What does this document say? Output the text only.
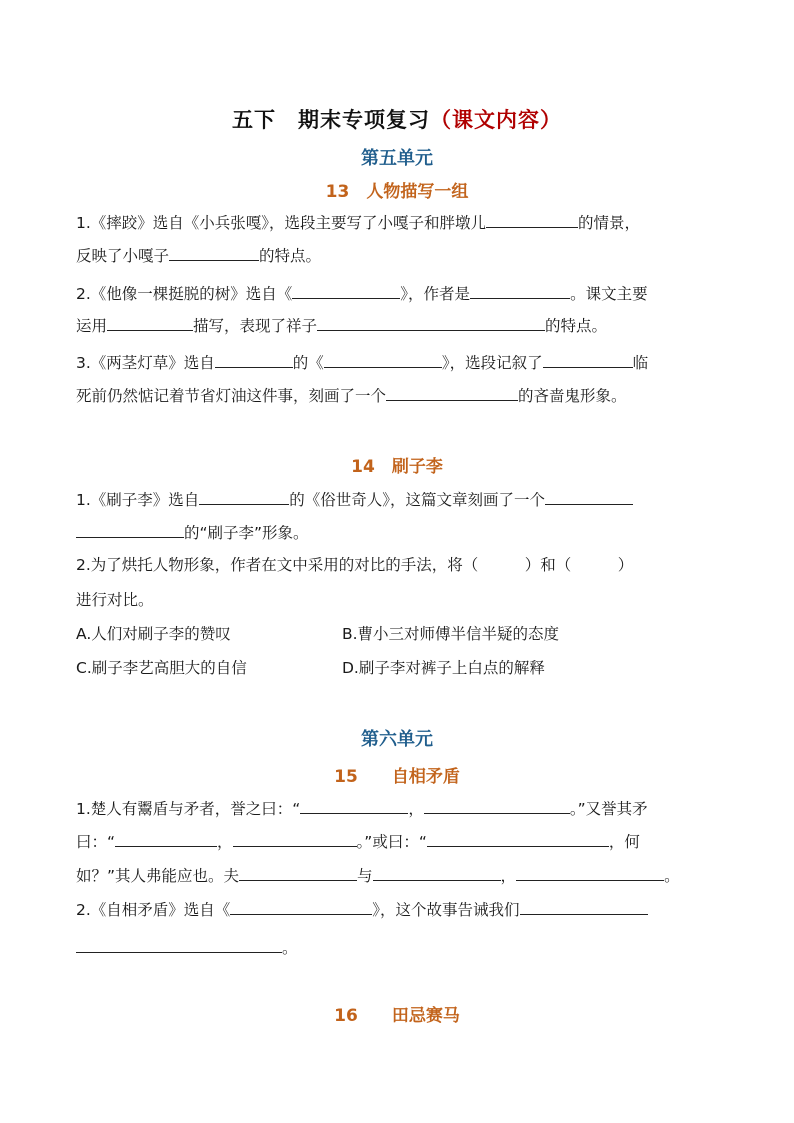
五下　期末专项复习（课文内容）
第五单元
13　人物描写一组
1.《摔跤》选自《小兵张嘎》，选段主要写了小嘎子和胖墩儿	的情景，
反映了小嘎子	的特点。
2.《他像一棵挺脱的树》选自《	》，作者是	。课文主要
运用	描写，表现了祥子	的特点。
3.《两茎灯草》选自	的《	》，选段记叙了	临
死前仍然惦记着节省灯油这件事，刻画了一个	的吝啬鬼形象。
14　刷子李
1.《刷子李》选自	的《俗世奇人》，这篇文章刻画了一个
的“刷子李”形象。
2.为了烘托人物形象，作者在文中采用的对比的手法，将（　　　）和（　　　）
进行对比。
A.人们对刷子李的赞叹	B.曹小三对师傅半信半疑的态度
C.刷子李艺高胆大的自信	D.刷子李对裤子上白点的解释
第六单元
15　　自相矛盾
1.楚人有鬻盾与矛者，誉之曰：“	，	。”又誉其矛
曰：“	，	。”或曰：“	，何
如？”其人弗能应也。夫	与	，	。
2.《自相矛盾》选自《	》，这个故事告诫我们
。
16　　田忌赛马
